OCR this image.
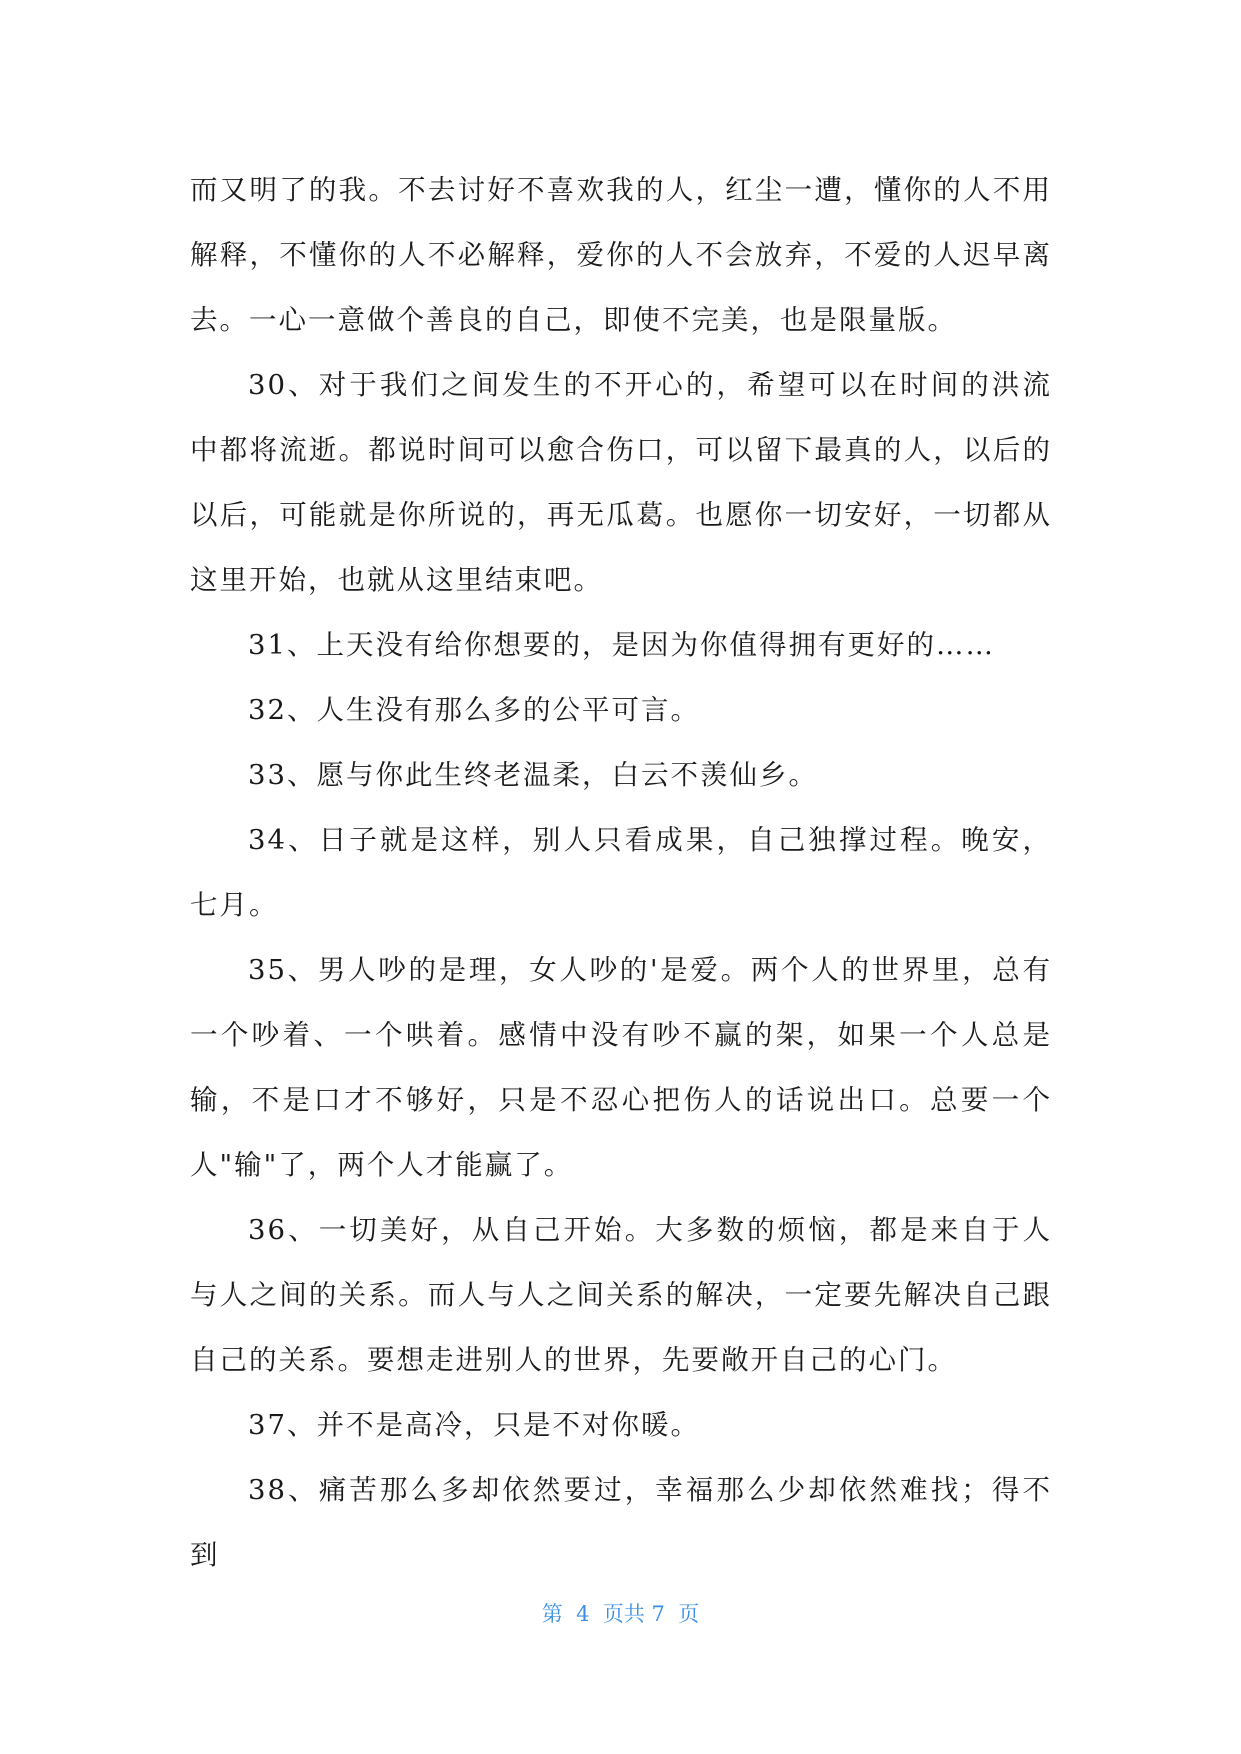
而又明了的我。不去讨好不喜欢我的人，红尘一遭，懂你的人不用解释，不懂你的人不必解释，爱你的人不会放弃，不爱的人迟早离去。一心一意做个善良的自己，即使不完美，也是限量版。

30、对于我们之间发生的不开心的，希望可以在时间的洪流中都将流逝。都说时间可以愈合伤口，可以留下最真的人，以后的以后，可能就是你所说的，再无瓜葛。也愿你一切安好，一切都从这里开始，也就从这里结束吧。

31、上天没有给你想要的，是因为你值得拥有更好的……

32、人生没有那么多的公平可言。

33、愿与你此生终老温柔，白云不羡仙乡。

34、日子就是这样，别人只看成果，自己独撑过程。晚安，七月。

35、男人吵的是理，女人吵的'是爱。两个人的世界里，总有一个吵着、一个哄着。感情中没有吵不赢的架，如果一个人总是输，不是口才不够好，只是不忍心把伤人的话说出口。总要一个人"输"了，两个人才能赢了。

36、一切美好，从自己开始。大多数的烦恼，都是来自于人与人之间的关系。而人与人之间关系的解决，一定要先解决自己跟自己的关系。要想走进别人的世界，先要敞开自己的心门。

37、并不是高冷，只是不对你暖。

38、痛苦那么多却依然要过，幸福那么少却依然难找；得不到

第  4  页共 7  页
